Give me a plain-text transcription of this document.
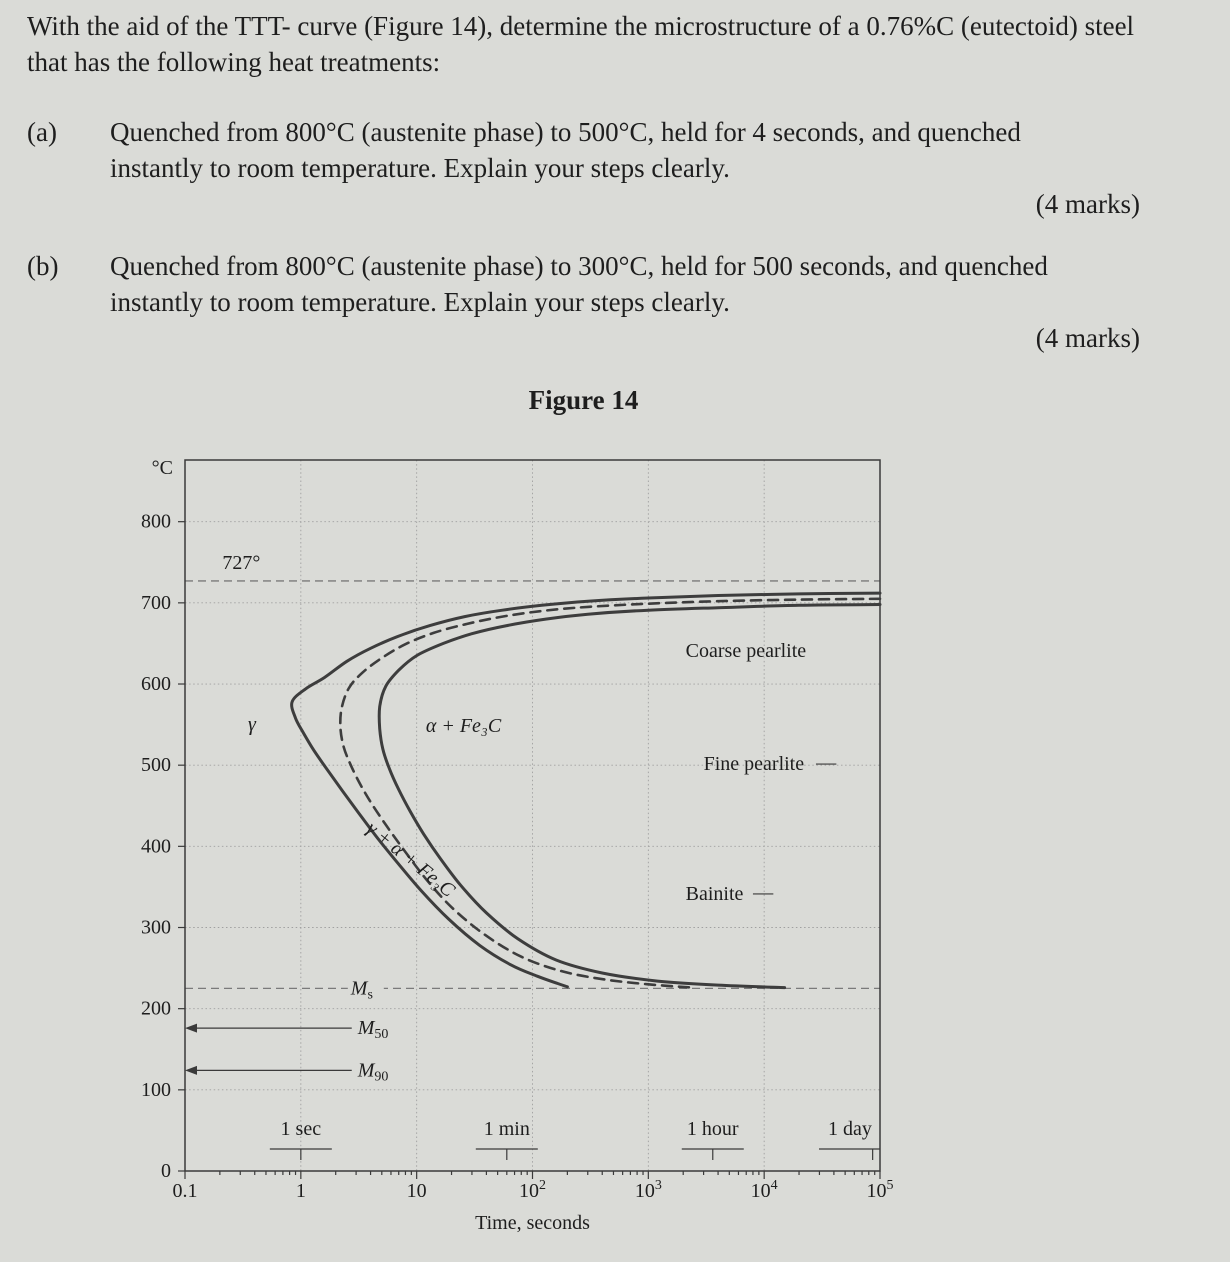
With the aid of the TTT- curve (Figure 14), determine the microstructure of a 0.76%C (eutectoid) steel that has the following heat treatments:

(a)	Quenched from 800°C (austenite phase) to 500°C, held for 4 seconds, and quenched instantly to room temperature. Explain your steps clearly.

(4 marks)
(b)	Quenched from 800°C (austenite phase) to 300°C, held for 500 seconds, and quenched instantly to room temperature. Explain your steps clearly.

(4 marks)
Figure 14
727°
$M_s$
0
100
200
300
400
500
600
700
800
0.1	1	10	$10^2$	$10^3$	$10^4$	$10^5$
°C
Time, seconds
$M_{50}$
$M_{90}$
Coarse pearlite
Fine pearlite
Bainite
α + Fe₃C
γ
γ + α + Fe₃C
1 sec	1 min	1 hour	1 day
